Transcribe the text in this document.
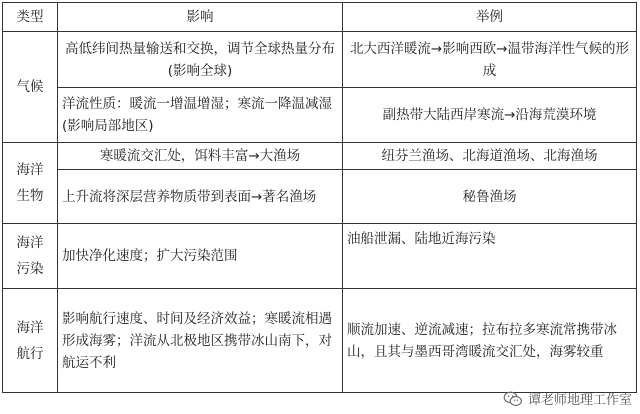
类型	影响	举例

气候	高低纬间热量输送和交换，调节全球热量分布(影响全球)	北大西洋暖流→影响西欧→温带海洋性气候的形成
	洋流性质：暖流一增温增湿；寒流一降温减湿(影响局部地区)	副热带大陆西岸寒流→沿海荒漠环境

海洋
生物	寒暖流交汇处，饵料丰富→大渔场	纽芬兰渔场、北海道渔场、北海渔场
	上升流将深层营养物质带到表面→著名渔场	秘鲁渔场

海洋
污染	加快净化速度；扩大污染范围	油船泄漏、陆地近海污染

海洋
航行	影响航行速度、时间及经济效益；寒暖流相遇形成海雾；洋流从北极地区携带冰山南下，对航运不利	顺流加速、逆流减速；拉布拉多寒流常携带冰山，且其与墨西哥湾暖流交汇处，海雾较重
谭老师地理工作室
